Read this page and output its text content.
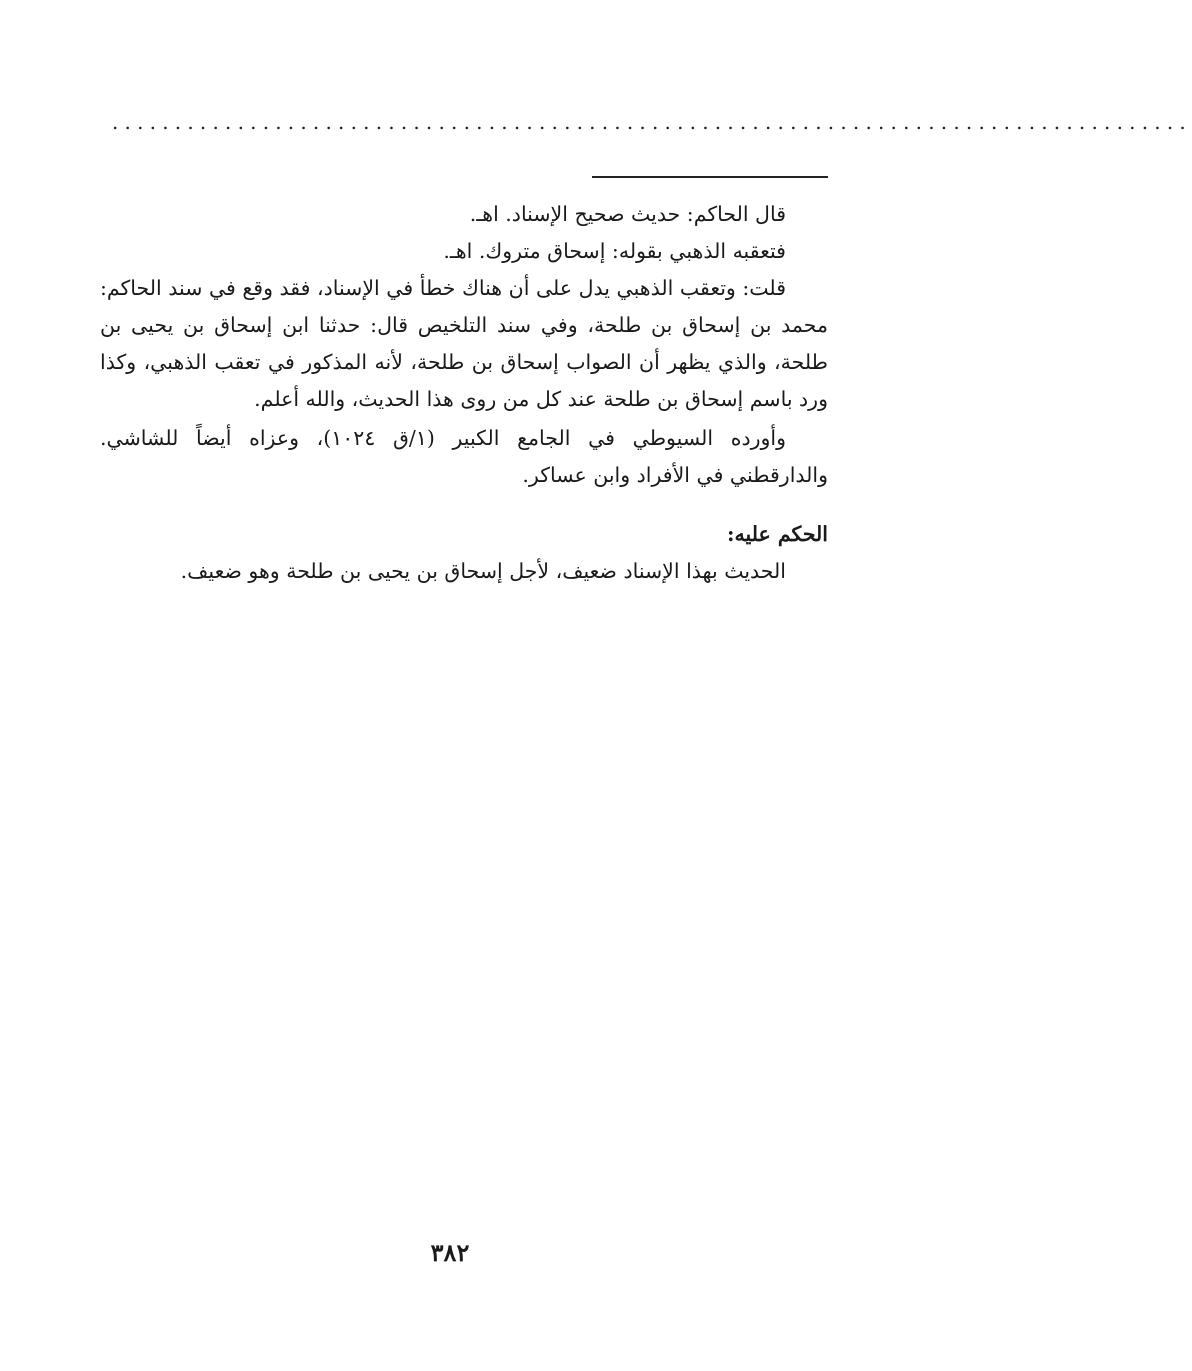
......................................................................................

قال الحاكم: حديث صحيح الإسناد. اهـ.

فتعقبه الذهبي بقوله: إسحاق متروك. اهـ.

قلت: وتعقب الذهبي يدل على أن هناك خطأ في الإسناد، فقد وقع في سند الحاكم: محمد بن إسحاق بن طلحة، وفي سند التلخيص قال: حدثنا ابن إسحاق بن يحيى بن طلحة، والذي يظهر أن الصواب إسحاق بن طلحة، لأنه المذكور في تعقب الذهبي، وكذا ورد باسم إسحاق بن طلحة عند كل من روى هذا الحديث، والله أعلم.

وأورده السيوطي في الجامع الكبير (١/ق ١٠٢٤)، وعزاه أيضاً للشاشي. والدارقطني في الأفراد وابن عساكر.

الحكم عليه:

الحديث بهذا الإسناد ضعيف، لأجل إسحاق بن يحيى بن طلحة وهو ضعيف.

٣٨٢
